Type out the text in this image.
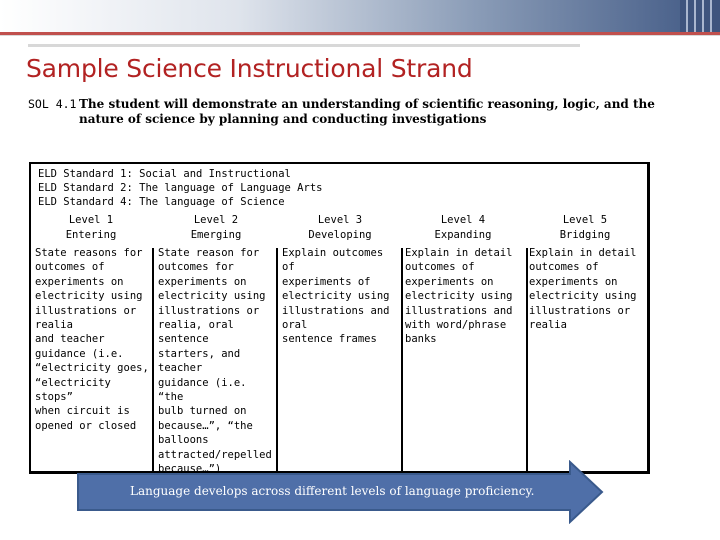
Sample Science Instructional Strand
SOL 4.1 The student will demonstrate an understanding of scientific reasoning, logic, and the nature of science by planning and conducting investigations
ELD Standard 1: Social and Instructional
ELD Standard 2: The language of Language Arts
ELD Standard 4: The language of Science
Level 1
Entering
State reasons for
outcomes of
experiments on
electricity using
illustrations or realia
and teacher
guidance (i.e.
“electricity goes,
“electricity stops”
when circuit is
opened or closed
Level 2
Emerging
State reason for
outcomes for
experiments on
electricity using
illustrations or
realia, oral sentence
starters, and teacher
guidance (i.e. “the
bulb turned on
because…”, “the
balloons
attracted/repelled
because…”)
Level 3
Developing
Explain outcomes of
experiments of
electricity using
illustrations and oral
sentence frames
Level 4
Expanding
Explain in detail
outcomes of
experiments on
electricity using
illustrations and
with word/phrase
banks
Level 5
Bridging
Explain in detail
outcomes of
experiments on
electricity using
illustrations or realia
Language develops across different levels of language proficiency.
